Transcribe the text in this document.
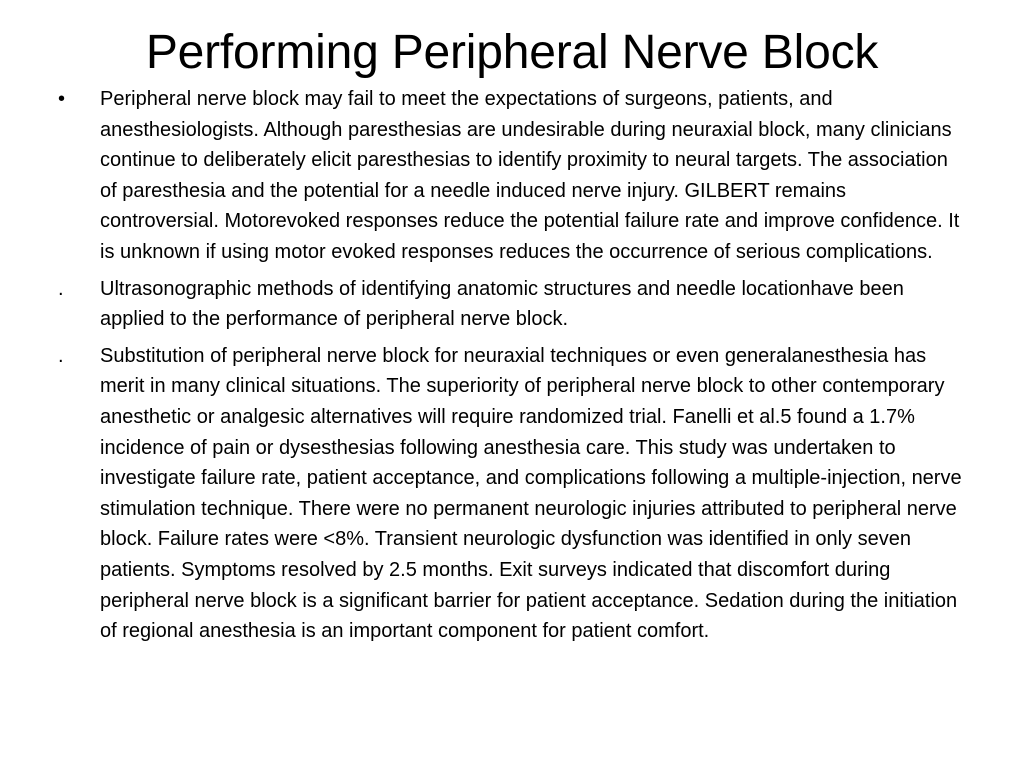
Performing Peripheral Nerve Block
•	Peripheral nerve block may fail to meet the expectations of surgeons, patients, and anesthesiologists. Although paresthesias are undesirable during neuraxial block, many clinicians continue to deliberately elicit paresthesias to identify proximity to neural targets. The association of paresthesia and the potential for a needle induced nerve injury. GILBERT remains controversial. Motorevoked responses reduce the potential failure rate and improve confidence. It is unknown if using motor evoked responses reduces the occurrence of serious complications.
.	Ultrasonographic methods of identifying anatomic structures and needle locationhave been applied to the performance of peripheral nerve block.
.	Substitution of peripheral nerve block for neuraxial techniques or even generalanesthesia has merit in many clinical situations. The superiority of peripheral nerve block to other contemporary anesthetic or analgesic alternatives will require randomized trial. Fanelli et al.5 found a 1.7% incidence of pain or dysesthesias following anesthesia care. This study was undertaken to investigate failure rate, patient acceptance, and complications following a multiple-injection, nerve stimulation technique. There were no permanent neurologic injuries attributed to peripheral nerve block. Failure rates were <8%. Transient neurologic dysfunction was identified in only seven patients. Symptoms resolved by 2.5 months. Exit surveys indicated that discomfort during peripheral nerve block is a significant barrier for patient acceptance. Sedation during the initiation of regional anesthesia is an important component for patient comfort.
